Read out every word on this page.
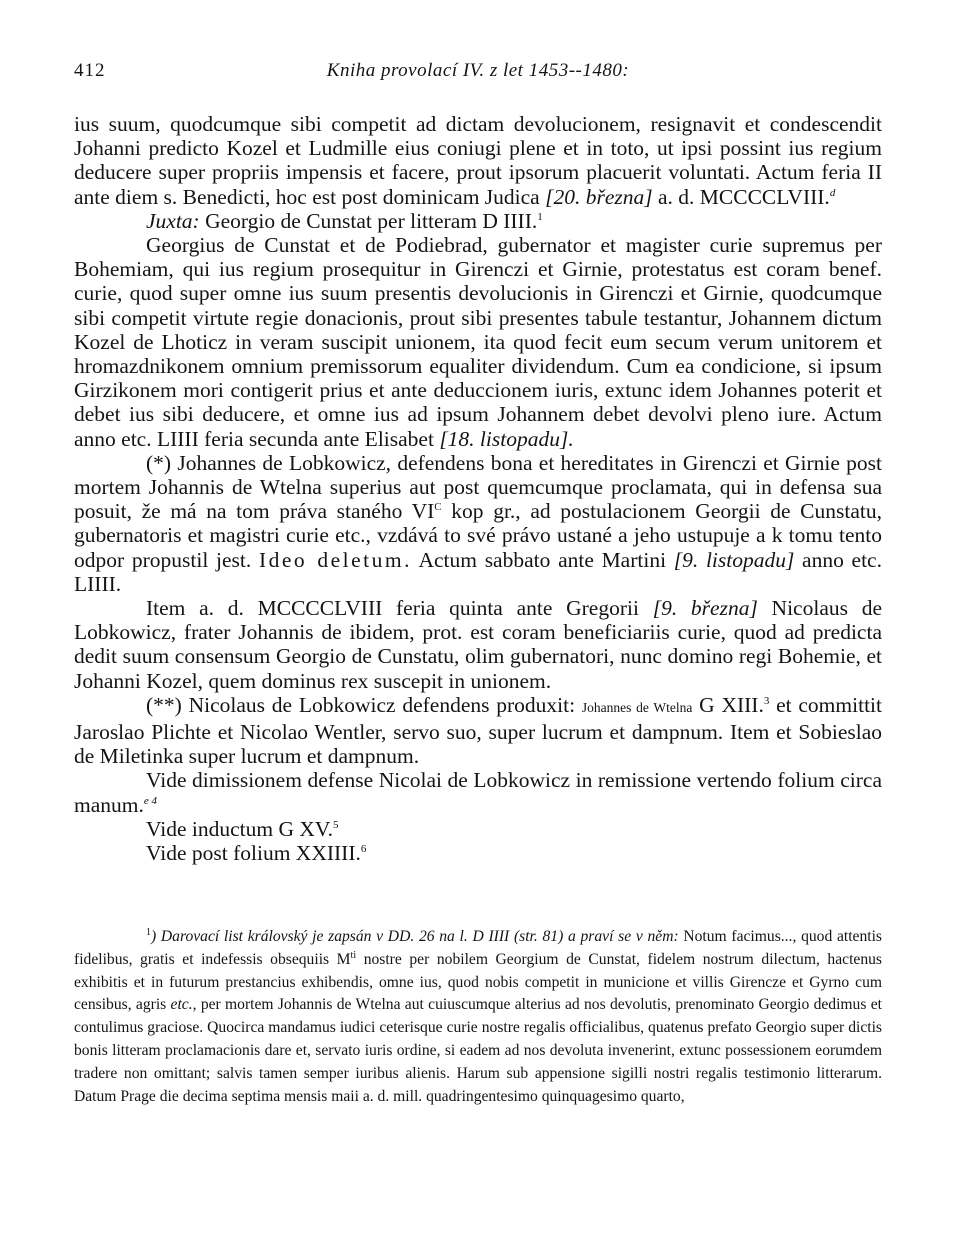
412	Kniha provolací IV. z let 1453--1480:

ius suum, quodcumque sibi competit ad dictam devolucionem, resignavit et condescendit Johanni predicto Kozel et Ludmille eius coniugi plene et in toto, ut ipsi possint ius regium deducere super propriis impensis et facere, prout ipsorum placuerit voluntati. Actum feria II ante diem s. Benedicti, hoc est post dominicam Judica [20. března] a. d. MCCCCLVIII.$^d$

Juxta: Georgio de Cunstat per litteram D IIII.$^1$

Georgius de Cunstat et de Podiebrad, gubernator et magister curie supremus per Bohemiam, qui ius regium prosequitur in Girenczi et Girnie, protestatus est coram benef. curie, quod super omne ius suum presentis devolucionis in Girenczi et Girnie, quodcumque sibi competit virtute regie donacionis, prout sibi presentes tabule testantur, Johannem dictum Kozel de Lhoticz in veram suscipit unionem, ita quod fecit eum secum verum unitorem et hromazdnikonem omnium premissorum equaliter dividendum. Cum ea condicione, si ipsum Girzikonem mori contigerit prius et ante deduccionem iuris, extunc idem Johannes poterit et debet ius sibi deducere, et omne ius ad ipsum Johannem debet devolvi pleno iure. Actum anno etc. LIIII feria secunda ante Elisabet [18. listopadu].

(*) Johannes de Lobkowicz, defendens bona et hereditates in Girenczi et Girnie post mortem Johannis de Wtelna superius aut post quemcumque proclamata, qui in defensa sua posuit, že má na tom práva staného $VI^C$ kop gr., ad postulacionem Georgii de Cunstatu, gubernatoris et magistri curie etc., vzdává to své právo ustané a jeho ustupuje a k tomu tento odpor propustil jest. Ideo deletum. Actum sabbato ante Martini [9. listopadu] anno etc. LIIII.

Item a. d. MCCCCLVIII feria quinta ante Gregorii [9. března] Nicolaus de Lobkowicz, frater Johannis de ibidem, prot. est coram beneficiariis curie, quod ad predicta dedit suum consensum Georgio de Cunstatu, olim gubernatori, nunc domino regi Bohemie, et Johanni Kozel, quem dominus rex suscepit in unionem.

(**) Nicolaus de Lobkowicz defendens produxit: Johannes de Wtelna G XIII.$^3$ et committit Jaroslao Plichte et Nicolao Wentler, servo suo, super lucrum et dampnum. Item et Sobieslao de Miletinka super lucrum et dampnum.

Vide dimissionem defense Nicolai de Lobkowicz in remissione vertendo folium circa manum.$^{e 4}$

Vide inductum G XV.$^5$

Vide post folium XXIIII.$^6$

$^1$) Darovací list královský je zapsán v DD. 26 na l. D IIII (str. 81) a praví se v něm: Notum facimus..., quod attentis fidelibus, gratis et indefessis obsequiis $M^{ti}$ nostre per nobilem Georgium de Cunstat, fidelem nostrum dilectum, hactenus exhibitis et in futurum prestancius exhibendis, omne ius, quod nobis competit in municione et villis Girencze et Gyrno cum censibus, agris etc., per mortem Johannis de Wtelna aut cuiuscumque alterius ad nos devolutis, prenominato Georgio dedimus et contulimus graciose. Quocirca mandamus iudici ceterisque curie nostre regalis officialibus, quatenus prefato Georgio super dictis bonis litteram proclamacionis dare et, servato iuris ordine, si eadem ad nos devoluta invenerint, extunc possessionem eorumdem tradere non omittant; salvis tamen semper iuribus alienis. Harum sub appensione sigilli nostri regalis testimonio litterarum. Datum Prage die decima septima mensis maii a. d. mill. quadringentesimo quinquagesimo quarto,
